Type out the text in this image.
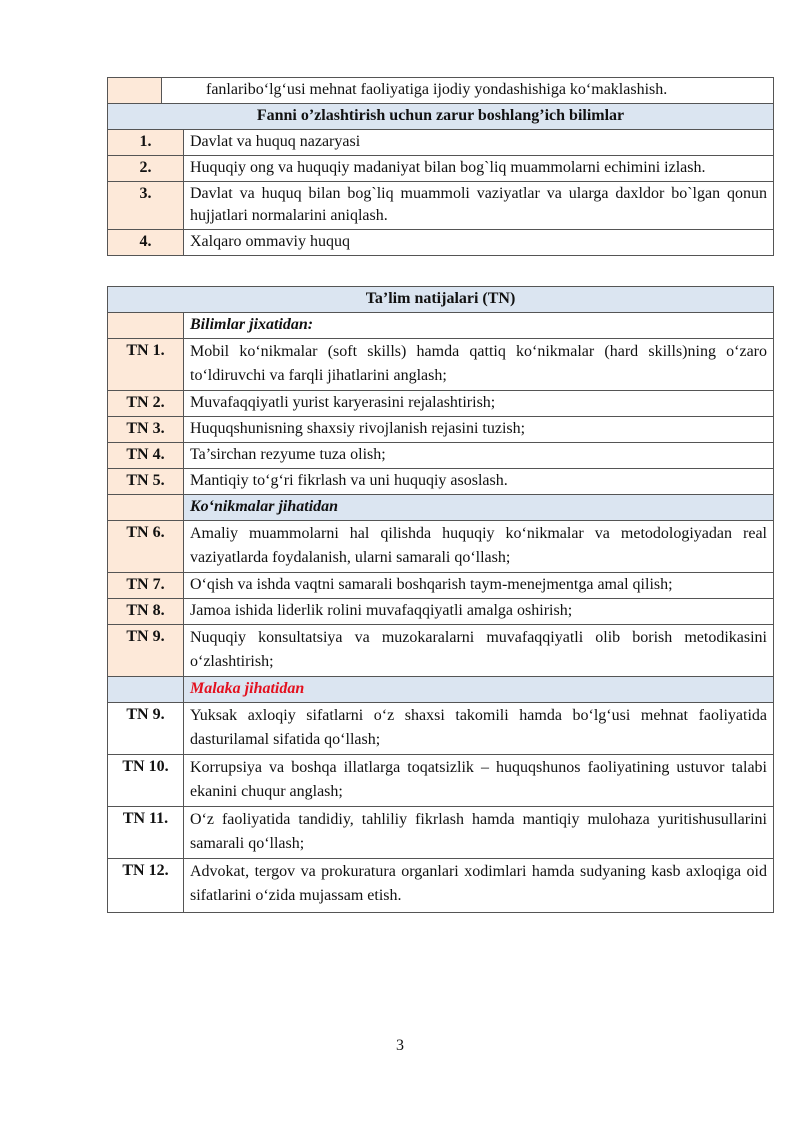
	fanlaribo‘lg‘usi mehnat faoliyatiga ijodiy yondashishiga ko‘maklashish.	
Fanni o’zlashtirish uchun zarur boshlang’ich bilimlar		
1.		Davlat va huquq nazaryasi
2.		Huquqiy ong va huquqiy madaniyat bilan bog`liq muammolarni echimini izlash.
3.		Davlat va huquq bilan bog`liq muammoli vaziyatlar va ularga daxldor bo`lgan qonun hujjatlari normalarini aniqlash.
4.		Xalqaro ommaviy huquq
Ta’lim natijalari (TN)	
	Bilimlar jixatidan:
TN 1.	Mobil ko‘nikmalar (soft skills) hamda qattiq ko‘nikmalar (hard skills)ning o‘zaro to‘ldiruvchi va farqli jihatlarini anglash;
TN 2.	Muvafaqqiyatli yurist karyerasini rejalashtirish;
TN 3.	Huquqshunisning shaxsiy rivojlanish rejasini tuzish;
TN 4.	Ta’sirchan rezyume tuza olish;
TN 5.	Mantiqiy to‘g‘ri fikrlash va uni huquqiy asoslash.
	Ko‘nikmalar jihatidan
TN 6.	Amaliy muammolarni hal qilishda huquqiy ko‘nikmalar va metodologiyadan real vaziyatlarda foydalanish, ularni samarali qo‘llash;
TN 7.	O‘qish va ishda vaqtni samarali boshqarish taym-menejmentga amal qilish;
TN 8.	Jamoa ishida liderlik rolini muvafaqqiyatli amalga oshirish;
TN 9.	Nuquqiy konsultatsiya va muzokaralarni muvafaqqiyatli olib borish metodikasini o‘zlashtirish;
	Malaka jihatidan
TN 9.	Yuksak axloqiy sifatlarni o‘z shaxsi takomili hamda bo‘lg‘usi mehnat faoliyatida dasturilamal sifatida qo‘llash;
TN 10.	Korrupsiya va boshqa illatlarga toqatsizlik – huquqshunos faoliyatining ustuvor talabi ekanini chuqur anglash;
TN 11.	O‘z faoliyatida tandidiy, tahliliy fikrlash hamda mantiqiy mulohaza yuritishusullarini samarali qo‘llash;
TN 12.	Advokat, tergov va prokuratura organlari xodimlari hamda sudyaning kasb axloqiga oid sifatlarini o‘zida mujassam etish.
3
